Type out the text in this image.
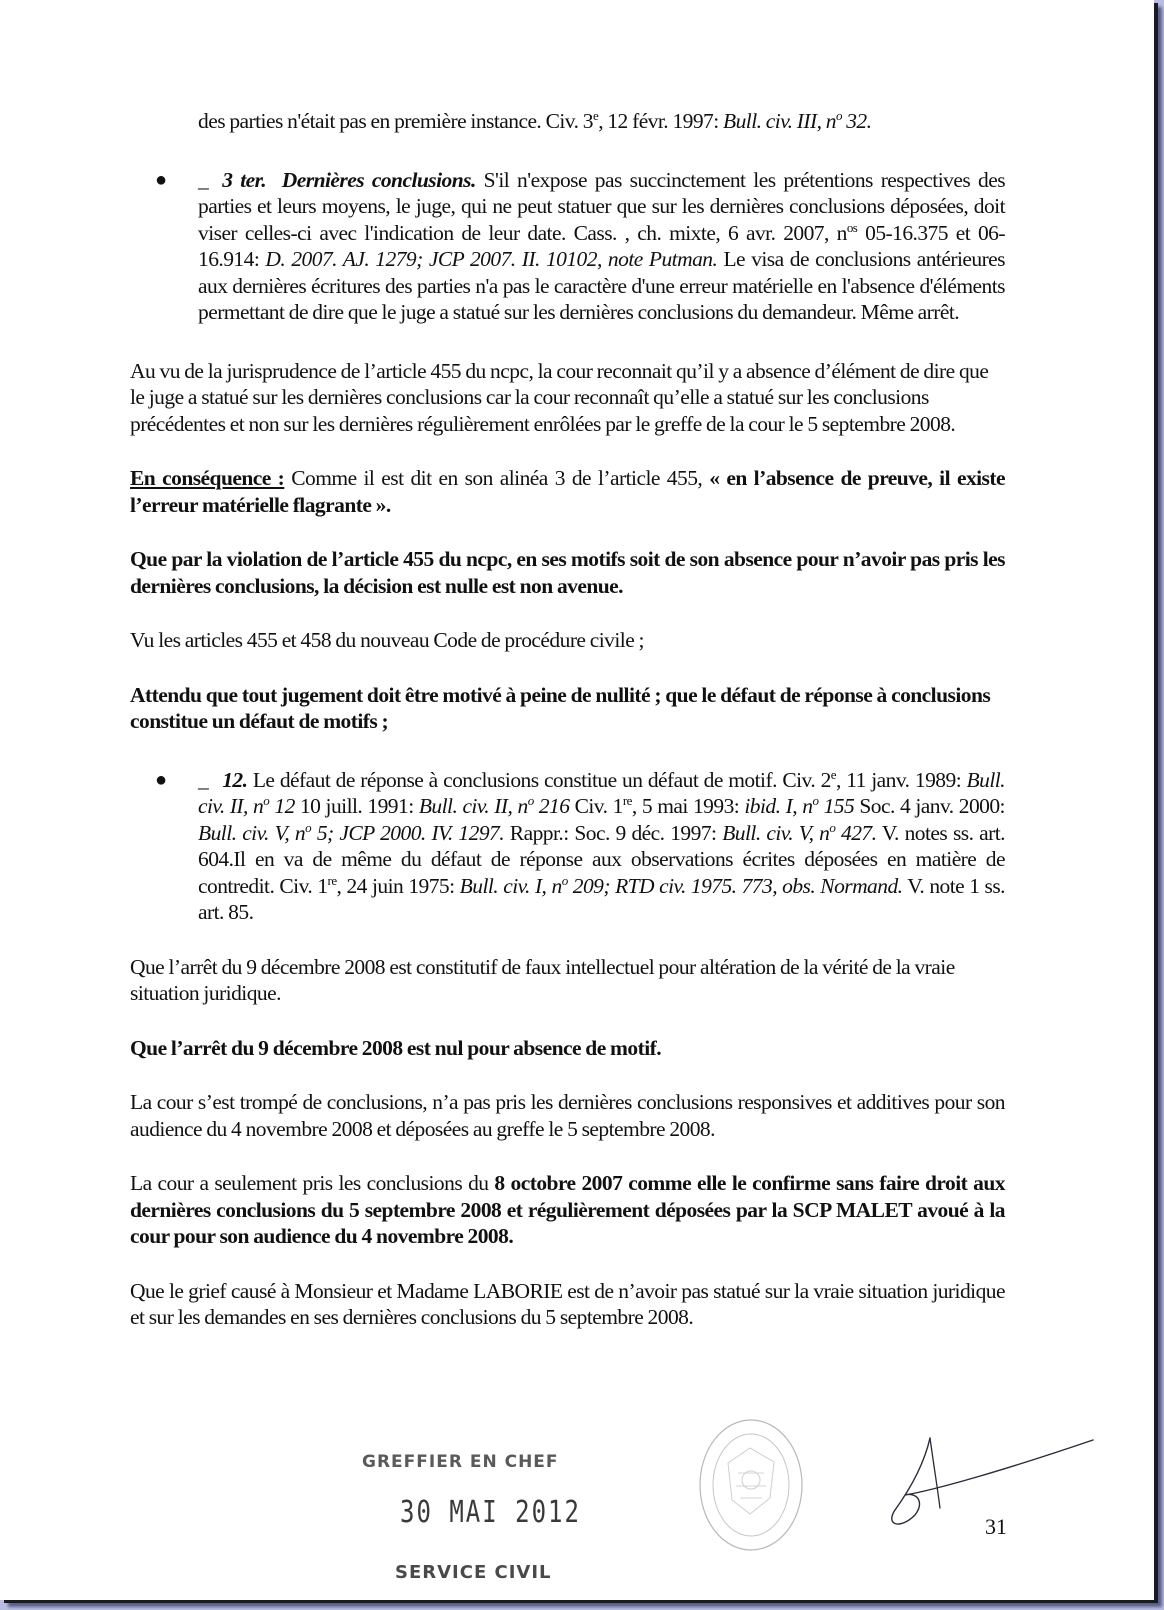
des parties n'était pas en première instance. Civ. 3e, 12 févr. 1997: Bull. civ. III, $n^o$ 32.

● _ 3 ter. Dernières conclusions. S'il n'expose pas succinctement les prétentions respectives des parties et leurs moyens, le juge, qui ne peut statuer que sur les dernières conclusions déposées, doit viser celles-ci avec l'indication de leur date. Cass. , ch. mixte, 6 avr. 2007, $n^{os}$ 05-16.375 et 06-16.914: D. 2007. AJ. 1279; JCP 2007. II. 10102, note Putman. Le visa de conclusions antérieures aux dernières écritures des parties n'a pas le caractère d'une erreur matérielle en l'absence d'éléments permettant de dire que le juge a statué sur les dernières conclusions du demandeur. Même arrêt.

Au vu de la jurisprudence de l’article 455 du ncpc, la cour reconnait qu’il y a absence d’élément de dire que le juge a statué sur les dernières conclusions car la cour reconnaît qu’elle a statué sur les conclusions précédentes et non sur les dernières régulièrement enrôlées par le greffe de la cour le 5 septembre 2008.

En conséquence : Comme il est dit en son alinéa 3 de l’article 455, « en l’absence de preuve, il existe l’erreur matérielle flagrante ».

Que par la violation de l’article 455 du ncpc, en ses motifs soit de son absence pour n’avoir pas pris les dernières conclusions, la décision est nulle est non avenue.

Vu les articles 455 et 458 du nouveau Code de procédure civile ;

Attendu que tout jugement doit être motivé à peine de nullité ; que le défaut de réponse à conclusions constitue un défaut de motifs ;

● _ 12. Le défaut de réponse à conclusions constitue un défaut de motif. Civ. 2e, 11 janv. 1989: Bull. civ. II, $n^o$ 12 10 juill. 1991: Bull. civ. II, $n^o$ 216 Civ. 1re, 5 mai 1993: ibid. I, $n^o$ 155 Soc. 4 janv. 2000: Bull. civ. V, $n^o$ 5; JCP 2000. IV. 1297. Rappr.: Soc. 9 déc. 1997: Bull. civ. V, $n^o$ 427. V. notes ss. art. 604.Il en va de même du défaut de réponse aux observations écrites déposées en matière de contredit. Civ. 1re, 24 juin 1975: Bull. civ. I, $n^o$ 209; RTD civ. 1975. 773, obs. Normand. V. note 1 ss. art. 85.

Que l’arrêt du 9 décembre 2008 est constitutif de faux intellectuel pour altération de la vérité de la vraie situation juridique.

Que l’arrêt du 9 décembre 2008 est nul pour absence de motif.

La cour s’est trompé de conclusions, n’a pas pris les dernières conclusions responsives et additives pour son audience du 4 novembre 2008 et déposées au greffe le 5 septembre 2008.

La cour a seulement pris les conclusions du 8 octobre 2007 comme elle le confirme sans faire droit aux dernières conclusions du 5 septembre 2008 et régulièrement déposées par la SCP MALET avoué à la cour pour son audience du 4 novembre 2008.

Que le grief causé à Monsieur et Madame LABORIE est de n’avoir pas statué sur la vraie situation juridique et sur les demandes en ses dernières conclusions du 5 septembre 2008.

GREFFIER EN CHEF
30 MAI 2012
SERVICE CIVIL
31
